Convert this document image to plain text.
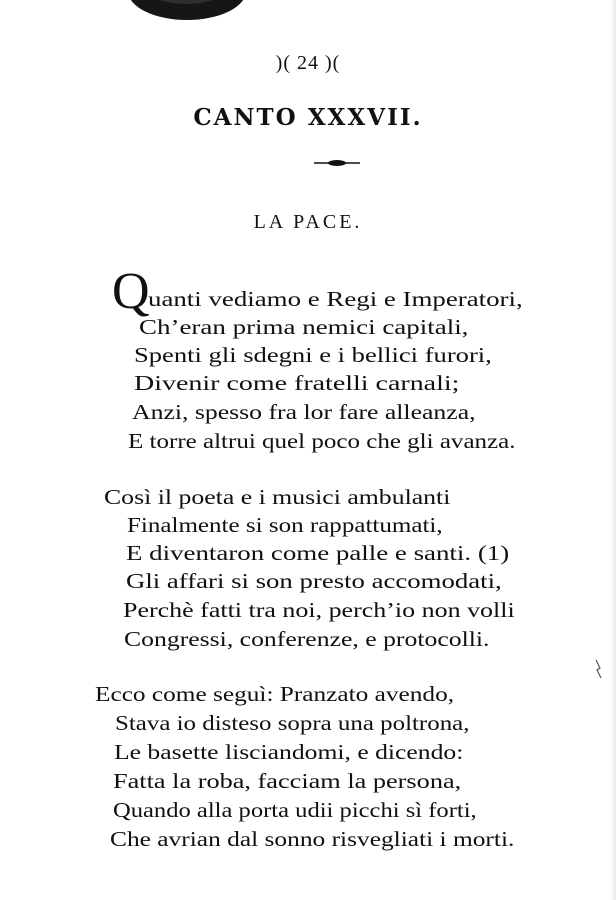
)( 24 )(
CANTO XXXVII.
LA PACE.
Q
uanti vediamo e Regi e Imperatori,
Ch’eran prima nemici capitali,
Spenti gli sdegni e i bellici furori,
Divenir come fratelli carnali;
Anzi, spesso fra lor fare alleanza,
E torre altrui quel poco che gli avanza.
Così il poeta e i musici ambulanti
Finalmente si son rappattumati,
E diventaron come palle e santi. (1)
Gli affari si son presto accomodati,
Perchè fatti tra noi, perch’io non volli
Congressi, conferenze, e protocolli.
Ecco come seguì: Pranzato avendo,
Stava io disteso sopra una poltrona,
Le basette lisciandomi, e dicendo:
Fatta la roba, facciam la persona,
Quando alla porta udii picchi sì forti,
Che avrian dal sonno risvegliati i morti.
